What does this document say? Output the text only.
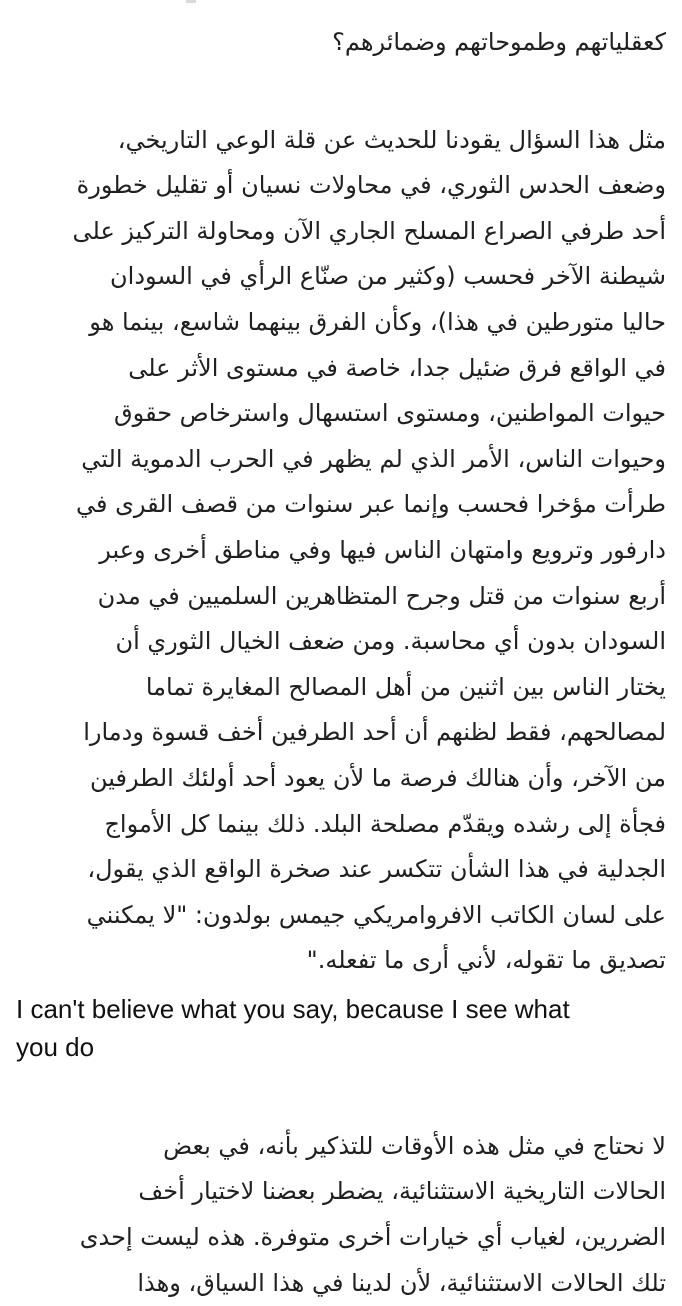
كعقلياتهم وطموحاتهم وضمائرهم؟
مثل هذا السؤال يقودنا للحديث عن قلة الوعي التاريخي،
وضعف الحدس الثوري، في محاولات نسيان أو تقليل خطورة
أحد طرفي الصراع المسلح الجاري الآن ومحاولة التركيز على
شيطنة الآخر فحسب (وكثير من صنّاع الرأي في السودان
حاليا متورطين في هذا)، وكأن الفرق بينهما شاسع، بينما هو
في الواقع فرق ضئيل جدا، خاصة في مستوى الأثر على
حيوات المواطنين، ومستوى استسهال واسترخاص حقوق
وحيوات الناس، الأمر الذي لم يظهر في الحرب الدموية التي
طرأت مؤخرا فحسب وإنما عبر سنوات من قصف القرى في
دارفور وترويع وامتهان الناس فيها وفي مناطق أخرى وعبر
أربع سنوات من قتل وجرح المتظاهرين السلميين في مدن
السودان بدون أي محاسبة. ومن ضعف الخيال الثوري أن
يختار الناس بين اثنين من أهل المصالح المغايرة تماما
لمصالحهم، فقط لظنهم أن أحد الطرفين أخف قسوة ودمارا
من الآخر، وأن هنالك فرصة ما لأن يعود أحد أولئك الطرفين
فجأة إلى رشده ويقدّم مصلحة البلد. ذلك بينما كل الأمواج
الجدلية في هذا الشأن تتكسر عند صخرة الواقع الذي يقول،
على لسان الكاتب الافروامريكي جيمس بولدون: "لا يمكنني
تصديق ما تقوله، لأني أرى ما تفعله."
I can't believe what you say, because I see what
you do
لا نحتاج في مثل هذه الأوقات للتذكير بأنه، في بعض
الحالات التاريخية الاستثنائية، يضطر بعضنا لاختيار أخف
الضررين، لغياب أي خيارات أخرى متوفرة. هذه ليست إحدى
تلك الحالات الاستثنائية، لأن لدينا في هذا السياق، وهذا
